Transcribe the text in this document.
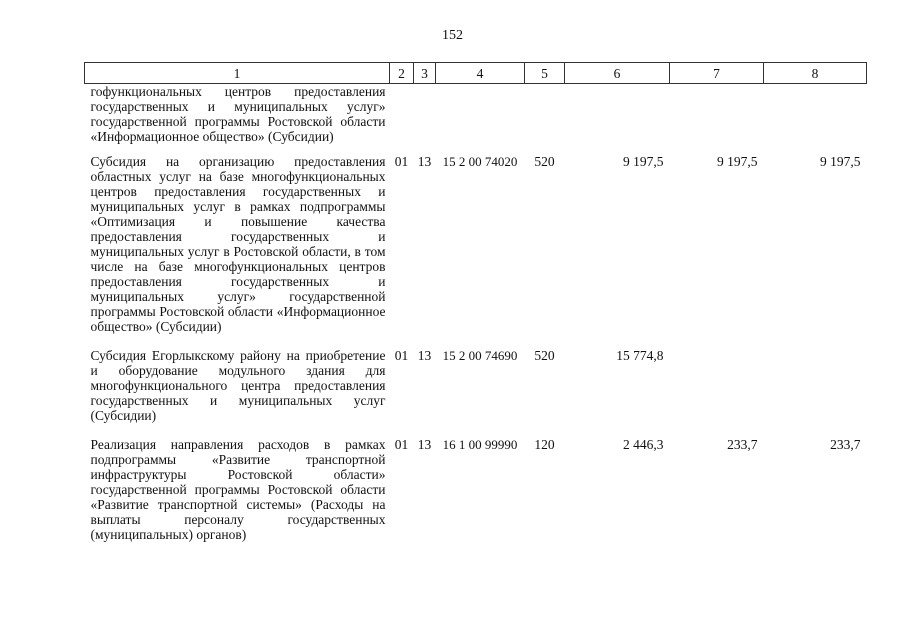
152
1	2	3	4	5	6	7	8
гофункциональных центров предоставления государственных и муниципальных услуг» государственной программы Ростовской области «Информационное общество» (Субсидии)							
Субсидия на организацию предоставления областных услуг на базе многофункциональных центров предоставления государственных и муниципальных услуг в рамках подпрограммы «Оптимизация и повышение качества предоставления государственных и муниципальных услуг в Ростовской области, в том числе на базе многофункциональных центров предоставления государственных и муниципальных услуг» государственной программы Ростовской области «Информационное общество» (Субсидии)	01	13	15 2 00 74020	520	9 197,5	9 197,5	9 197,5
Субсидия Егорлыкскому району на приобретение и оборудование модульного здания для многофункционального центра предоставления государственных и муниципальных услуг (Субсидии)	01	13	15 2 00 74690	520	15 774,8		
Реализация направления расходов в рамках подпрограммы «Развитие транспортной инфраструктуры Ростовской области» государственной программы Ростовской области «Развитие транспортной системы» (Расходы на выплаты персоналу государственных (муниципальных) органов)	01	13	16 1 00 99990	120	2 446,3	233,7	233,7
